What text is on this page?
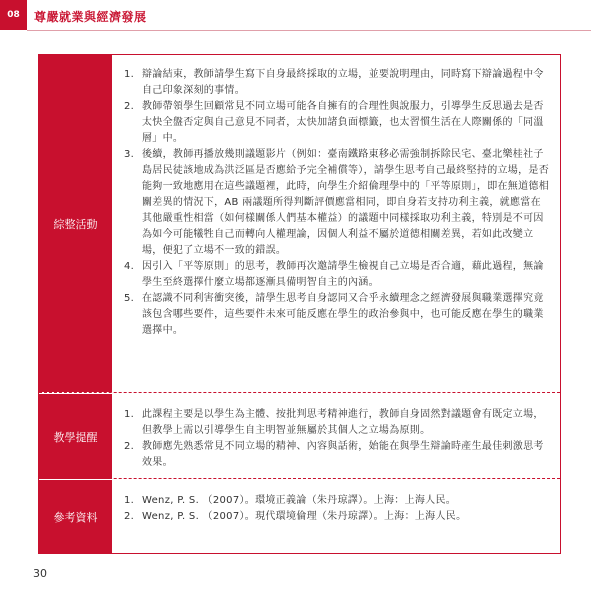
08	尊嚴就業與經濟發展
綜整活動
1. 辯論結束，教師請學生寫下自身最終採取的立場，並要說明理由，同時寫下辯論過程中令自己印象深刻的事情。
2. 教師帶領學生回顧常見不同立場可能各自擁有的合理性與說服力，引導學生反思過去是否太快全盤否定與自己意見不同者，太快加諸負面標籤，也太習慣生活在人際關係的「同溫層」中。
3. 後續，教師再播放幾則議題影片（例如：臺南鐵路東移必需強制拆除民宅、臺北樂桂社子島居民徒該地成為洪泛區是否應給予完全補償等），請學生思考自己最終堅持的立場，是否能夠一致地應用在這些議題裡，此時，向學生介紹倫理學中的「平等原則」，即在無道德相關差異的情況下，AB 兩議題所得判斷評價應當相同，即自身若支持功利主義，就應當在其他嚴重性相當（如何樣關係人們基本權益）的議題中同樣採取功利主義，特別是不可因為如今可能犧牲自己而轉向人權理論，因個人利益不屬於道德相關差異，若如此改變立場，便犯了立場不一致的錯誤。
4. 因引入「平等原則」的思考，教師再次邀請學生檢視自己立場是否合適，藉此過程，無論學生至終選擇什麼立場都逐漸具備明智自主的內涵。
5. 在認識不同利害衝突後，請學生思考自身認同又合乎永續理念之經濟發展與職業選擇究竟該包含哪些要件，這些要件未來可能反應在學生的政治參與中，也可能反應在學生的職業選擇中。
教學提醒
1. 此課程主要是以學生為主體、按批判思考精神進行，教師自身固然對議題會有既定立場，但教學上需以引導學生自主明智並無屬於其個人之立場為原則。
2. 教師應先熟悉常見不同立場的精神、內容與話術，始能在與學生辯論時產生最佳刺激思考效果。
參考資料
1. Wenz, P. S. （2007）。環境正義論（朱丹琼譯）。上海：上海人民。
2. Wenz, P. S. （2007）。現代環境倫理（朱丹琼譯）。上海：上海人民。
30
